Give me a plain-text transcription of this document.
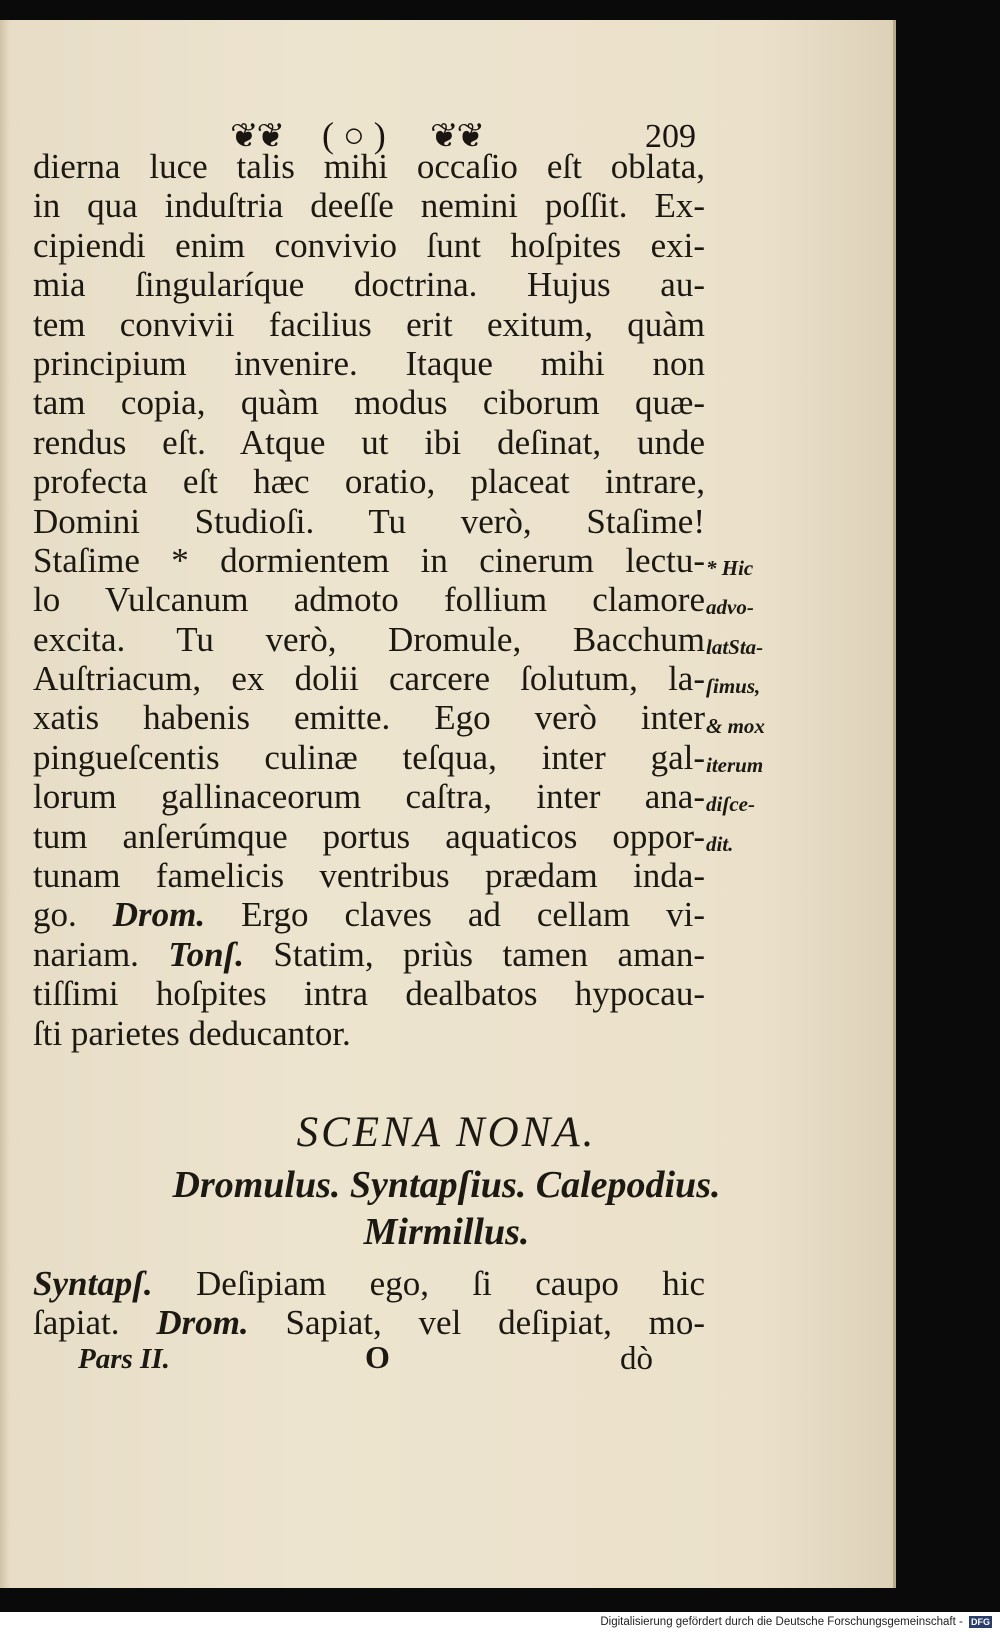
❦❦ ( ○ ) ❦❦	209
dierna luce talis mihi occaſio eſt oblata,
in qua induſtria deeſſe nemini poſſit. Ex-
cipiendi enim convivio ſunt hoſpites exi-
mia ſingularíque doctrina. Hujus au-
tem convivii facilius erit exitum, quàm
principium invenire. Itaque mihi non
tam copia, quàm modus ciborum quæ-
rendus eſt. Atque ut ibi deſinat, unde
profecta eſt hæc oratio, placeat intrare,
Domini Studioſi. Tu verò, Staſime!
Staſime * dormientem in cinerum lectu-
lo Vulcanum admoto follium clamore
excita. Tu verò, Dromule, Bacchum
Auſtriacum, ex dolii carcere ſolutum, la-
xatis habenis emitte. Ego verò inter
pingueſcentis culinæ teſqua, inter gal-
lorum gallinaceorum caſtra, inter ana-
tum anſerúmque portus aquaticos oppor-
tunam famelicis ventribus prædam inda-
go. Drom. Ergo claves ad cellam vi-
nariam. Tonſ. Statim, priùs tamen aman-
tiſſimi hoſpites intra dealbatos hypocau-
ſti parietes deducantor.
* Hic
advo-
latSta-
ſimus,
& mox
iterum
diſce-
dit.
SCENA NONA.
Dromulus. Syntapſius. Calepodius.
Mirmillus.
Syntapſ. Deſipiam ego, ſi caupo hic
ſapiat. Drom. Sapiat, vel deſipiat, mo-
Pars II.	O	dò
Digitalisierung gefördert durch die Deutsche Forschungsgemeinschaft - DFG
